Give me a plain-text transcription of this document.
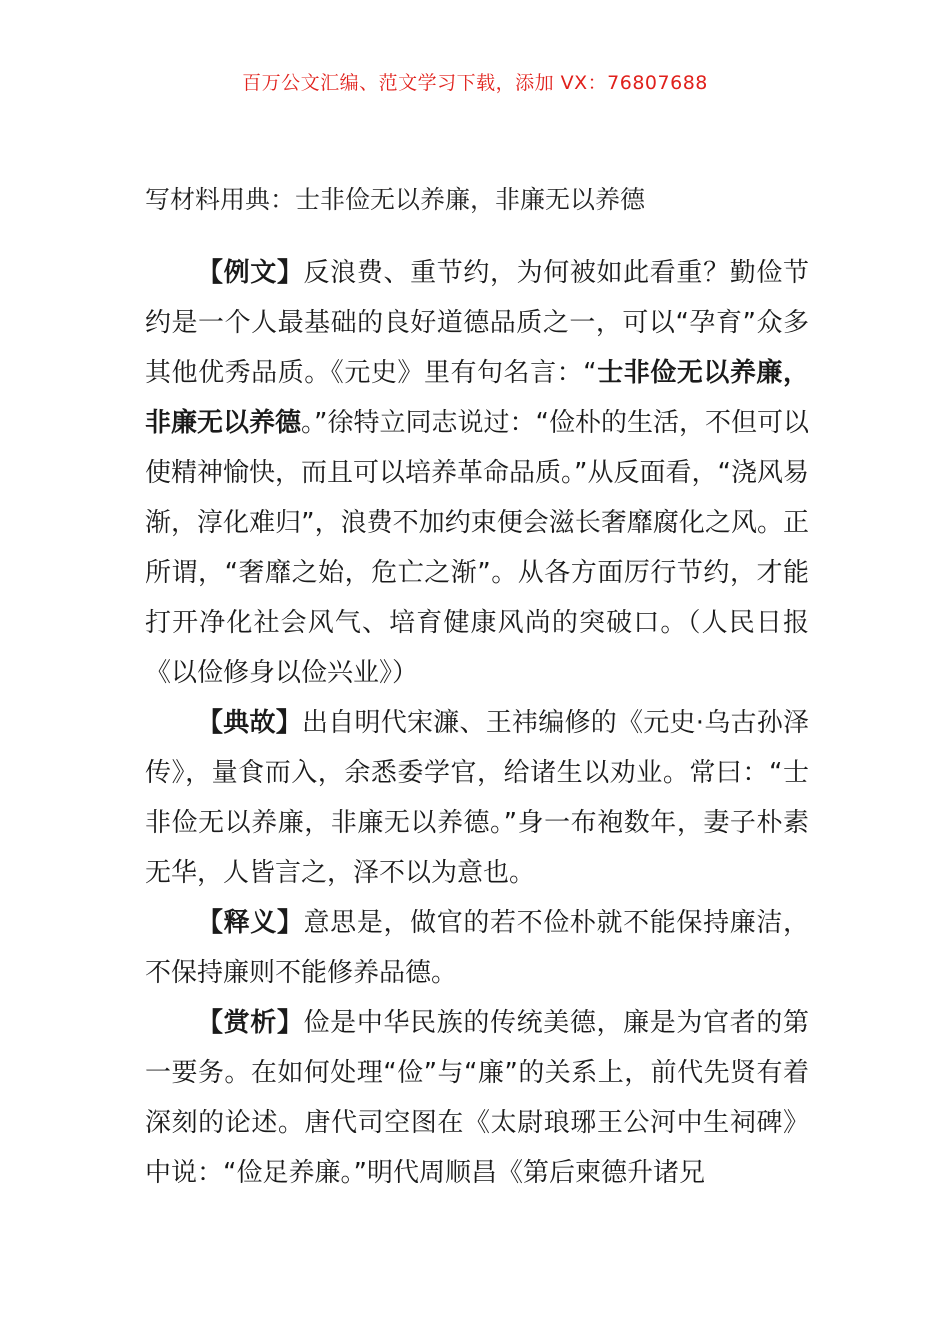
百万公文汇编、范文学习下载，添加 VX：76807688
写材料用典：士非俭无以养廉，非廉无以养德

【例文】反浪费、重节约，为何被如此看重？勤俭节约是一个人最基础的良好道德品质之一，可以“孕育”众多其他优秀品质。《元史》里有句名言：“士非俭无以养廉，非廉无以养德。”徐特立同志说过：“俭朴的生活，不但可以使精神愉快，而且可以培养革命品质。”从反面看，“浇风易渐，淳化难归”，浪费不加约束便会滋长奢靡腐化之风。正所谓，“奢靡之始，危亡之渐”。从各方面厉行节约，才能打开净化社会风气、培育健康风尚的突破口。（人民日报《以俭修身以俭兴业》）

【典故】出自明代宋濂、王祎编修的《元史·乌古孙泽传》，量食而入，余悉委学官，给诸生以劝业。常曰：“士非俭无以养廉，非廉无以养德。”身一布袍数年，妻子朴素无华，人皆言之，泽不以为意也。

【释义】意思是，做官的若不俭朴就不能保持廉洁，不保持廉则不能修养品德。

【赏析】俭是中华民族的传统美德，廉是为官者的第一要务。在如何处理“俭”与“廉”的关系上，前代先贤有着深刻的论述。唐代司空图在《太尉琅琊王公河中生祠碑》中说：“俭足养廉。”明代周顺昌《第后柬德升诸兄
